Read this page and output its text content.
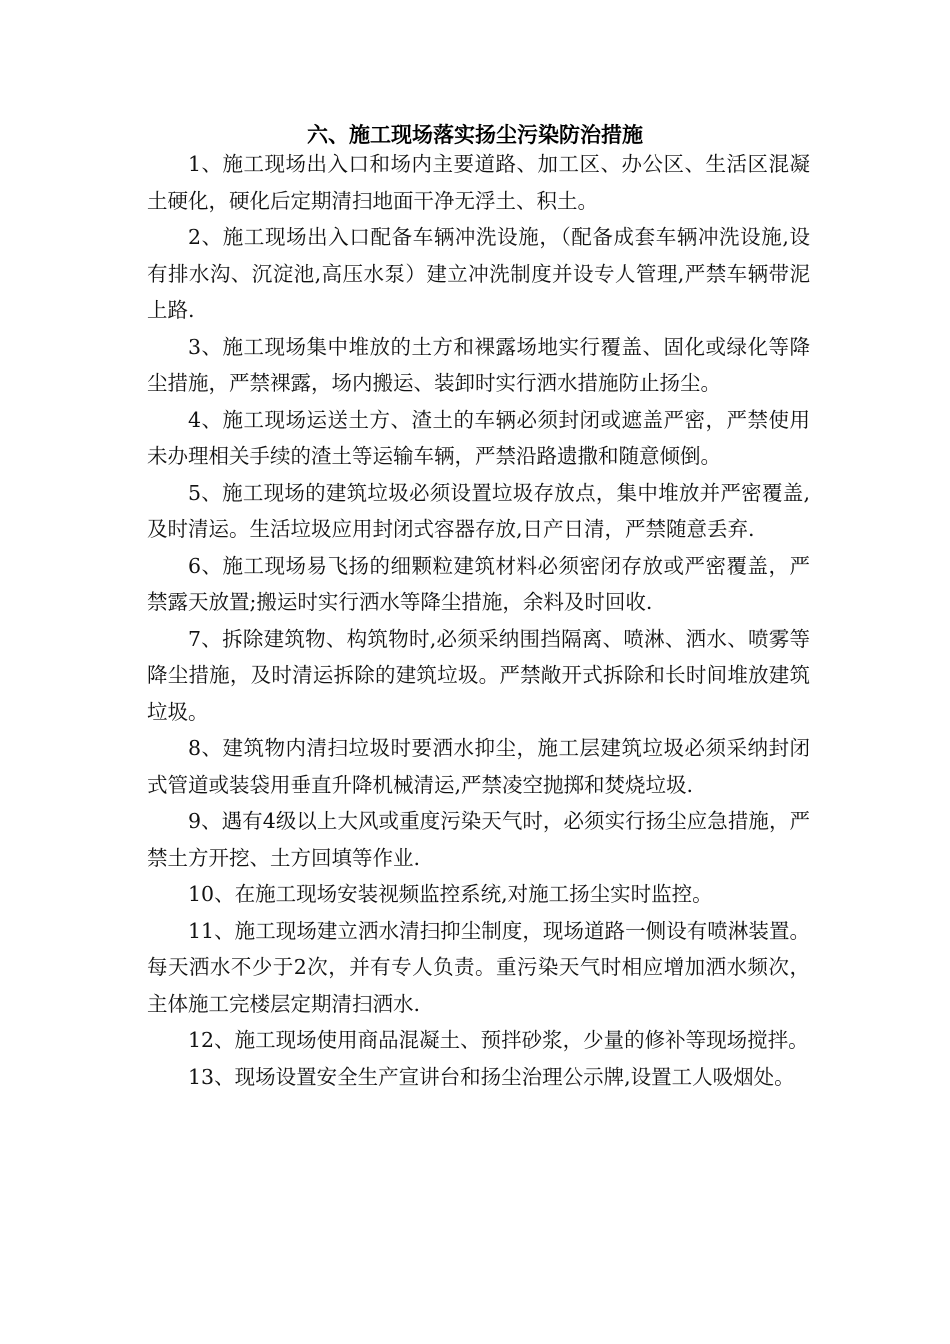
六、施工现场落实扬尘污染防治措施

1、施工现场出入口和场内主要道路、加工区、办公区、生活区混凝土硬化，硬化后定期清扫地面干净无浮土、积土。

2、施工现场出入口配备车辆冲洗设施，（配备成套车辆冲洗设施,设有排水沟、沉淀池,高压水泵）建立冲洗制度并设专人管理,严禁车辆带泥上路.

3、施工现场集中堆放的土方和裸露场地实行覆盖、固化或绿化等降尘措施，严禁裸露，场内搬运、装卸时实行洒水措施防止扬尘。

4、施工现场运送土方、渣土的车辆必须封闭或遮盖严密，严禁使用未办理相关手续的渣土等运输车辆，严禁沿路遗撒和随意倾倒。

5、施工现场的建筑垃圾必须设置垃圾存放点，集中堆放并严密覆盖,及时清运。生活垃圾应用封闭式容器存放,日产日清，严禁随意丢弃.

6、施工现场易飞扬的细颗粒建筑材料必须密闭存放或严密覆盖，严禁露天放置;搬运时实行洒水等降尘措施，余料及时回收.

7、拆除建筑物、构筑物时,必须采纳围挡隔离、喷淋、洒水、喷雾等降尘措施，及时清运拆除的建筑垃圾。严禁敞开式拆除和长时间堆放建筑垃圾。

8、建筑物内清扫垃圾时要洒水抑尘，施工层建筑垃圾必须采纳封闭式管道或装袋用垂直升降机械清运,严禁凌空抛掷和焚烧垃圾.

9、遇有4级以上大风或重度污染天气时，必须实行扬尘应急措施，严禁土方开挖、土方回填等作业.

10、在施工现场安装视频监控系统,对施工扬尘实时监控。

11、施工现场建立洒水清扫抑尘制度，现场道路一侧设有喷淋装置。每天洒水不少于2次，并有专人负责。重污染天气时相应增加洒水频次，主体施工完楼层定期清扫洒水.

12、施工现场使用商品混凝土、预拌砂浆，少量的修补等现场搅拌。

13、现场设置安全生产宣讲台和扬尘治理公示牌,设置工人吸烟处。
